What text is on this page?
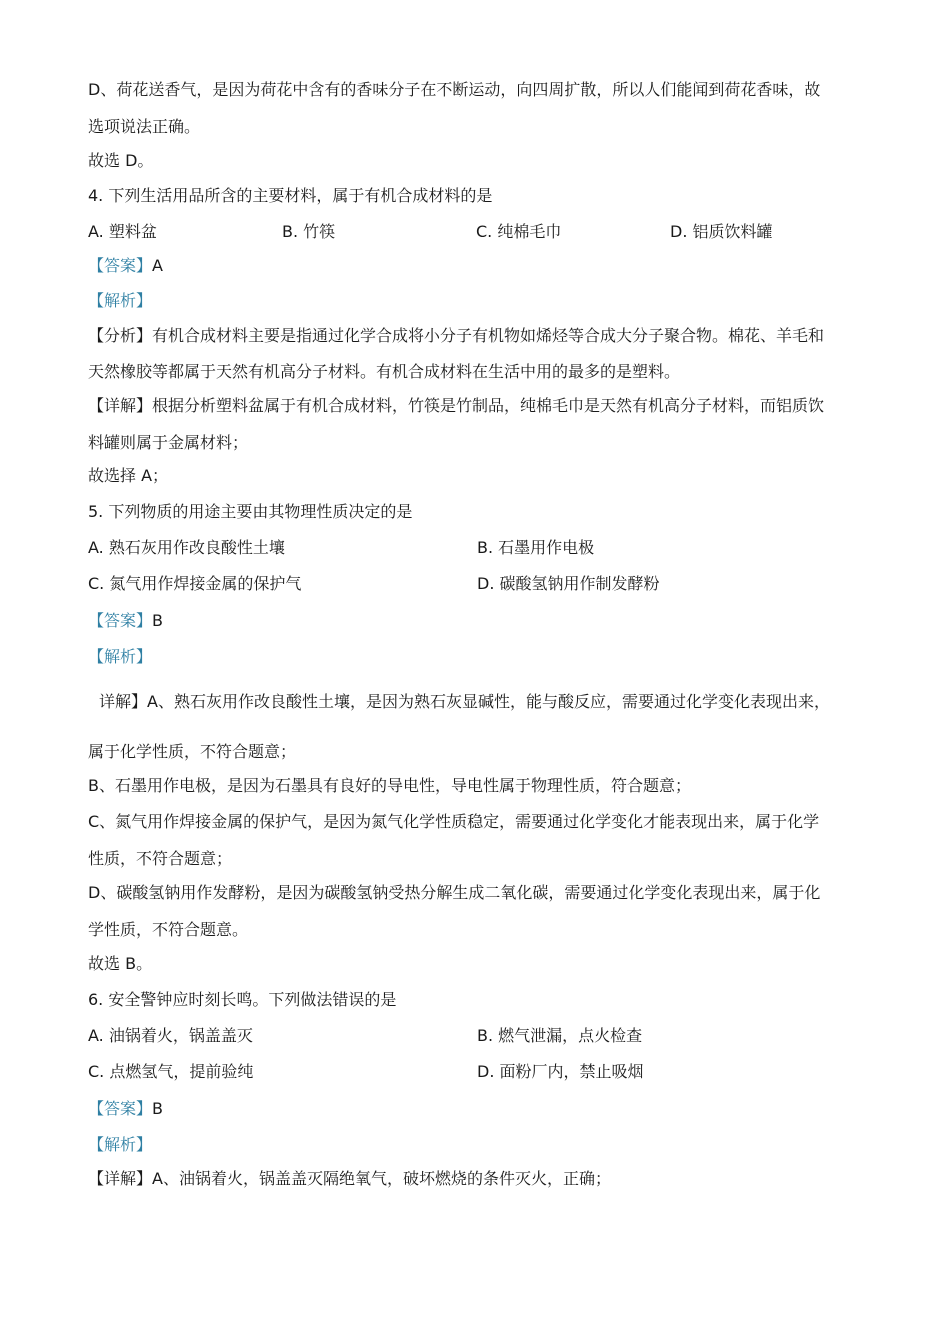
D、荷花送香气，是因为荷花中含有的香味分子在不断运动，向四周扩散，所以人们能闻到荷花香味，故
选项说法正确。
故选 D。
4. 下列生活用品所含的主要材料，属于有机合成材料的是
A. 塑料盆	B. 竹筷	C. 纯棉毛巾	D. 铝质饮料罐
【答案】A
【解析】
【分析】有机合成材料主要是指通过化学合成将小分子有机物如烯烃等合成大分子聚合物。棉花、羊毛和
天然橡胶等都属于天然有机高分子材料。有机合成材料在生活中用的最多的是塑料。
【详解】根据分析塑料盆属于有机合成材料，竹筷是竹制品，纯棉毛巾是天然有机高分子材料，而铝质饮
料罐则属于金属材料；
故选择 A；
5. 下列物质的用途主要由其物理性质决定的是
A. 熟石灰用作改良酸性土壤	B. 石墨用作电极
C. 氮气用作焊接金属的保护气	D. 碳酸氢钠用作制发酵粉
【答案】B
【解析】
详解】A、熟石灰用作改良酸性土壤，是因为熟石灰显碱性，能与酸反应，需要通过化学变化表现出来，
属于化学性质，不符合题意；
B、石墨用作电极，是因为石墨具有良好的导电性，导电性属于物理性质，符合题意；
C、氮气用作焊接金属的保护气，是因为氮气化学性质稳定，需要通过化学变化才能表现出来，属于化学
性质，不符合题意；
D、碳酸氢钠用作发酵粉，是因为碳酸氢钠受热分解生成二氧化碳，需要通过化学变化表现出来，属于化
学性质，不符合题意。
故选 B。
6. 安全警钟应时刻长鸣。下列做法错误的是
A. 油锅着火，锅盖盖灭	B. 燃气泄漏，点火检查
C. 点燃氢气，提前验纯	D. 面粉厂内，禁止吸烟
【答案】B
【解析】
【详解】A、油锅着火，锅盖盖灭隔绝氧气，破坏燃烧的条件灭火，正确；
